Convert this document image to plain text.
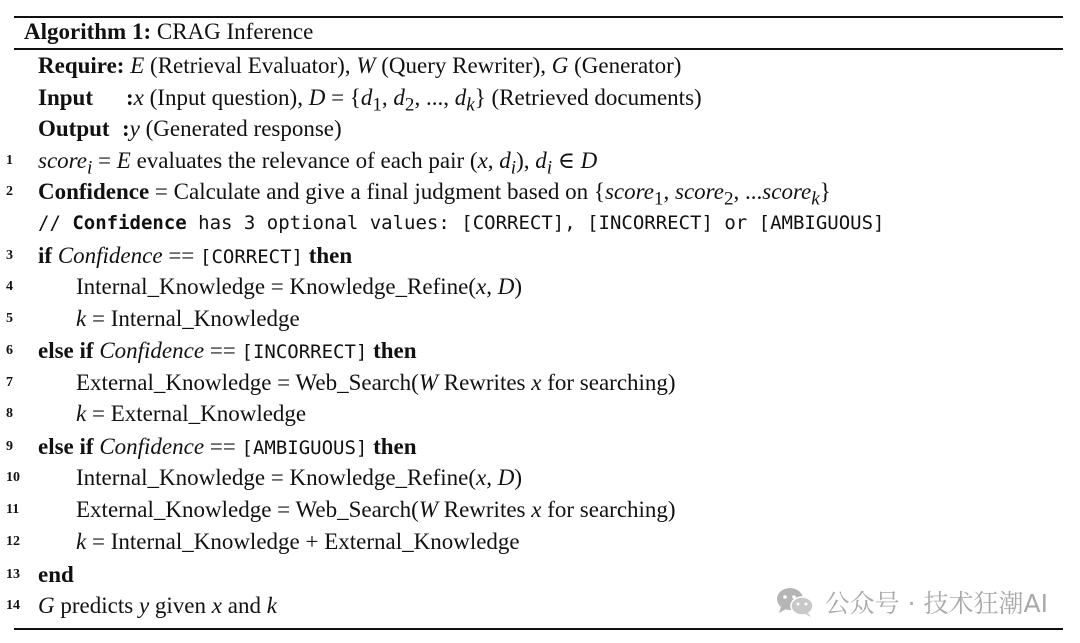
Algorithm 1: CRAG Inference
Require: E (Retrieval Evaluator), W (Query Rewriter), G (Generator)
Input :x (Input question), $D = \{d_1$, $d_2$, ..., $d_k$} (Retrieved documents)
Output :y (Generated response)
1	score$_i$ = E evaluates the relevance of each pair (x, $d_i$), $d_i$ ∈ D
2	Confidence = Calculate and give a final judgment based on {score$_1$, score$_2$, ...score$_k$}
// Confidence has 3 optional values: [CORRECT], [INCORRECT] or [AMBIGUOUS]
3	if Confidence == [CORRECT] then
4	Internal_Knowledge = Knowledge_Refine(x, D)
5	k = Internal_Knowledge
6	else if Confidence == [INCORRECT] then
7	External_Knowledge = Web_Search(W Rewrites x for searching)
8	k = External_Knowledge
9	else if Confidence == [AMBIGUOUS] then
10 Internal_Knowledge = Knowledge_Refine(x, D)
11 External_Knowledge = Web_Search(W Rewrites x for searching)
12 k = Internal_Knowledge + External_Knowledge
13 end
14 G predicts y given x and k	公众号 · 技术狂潮AI
